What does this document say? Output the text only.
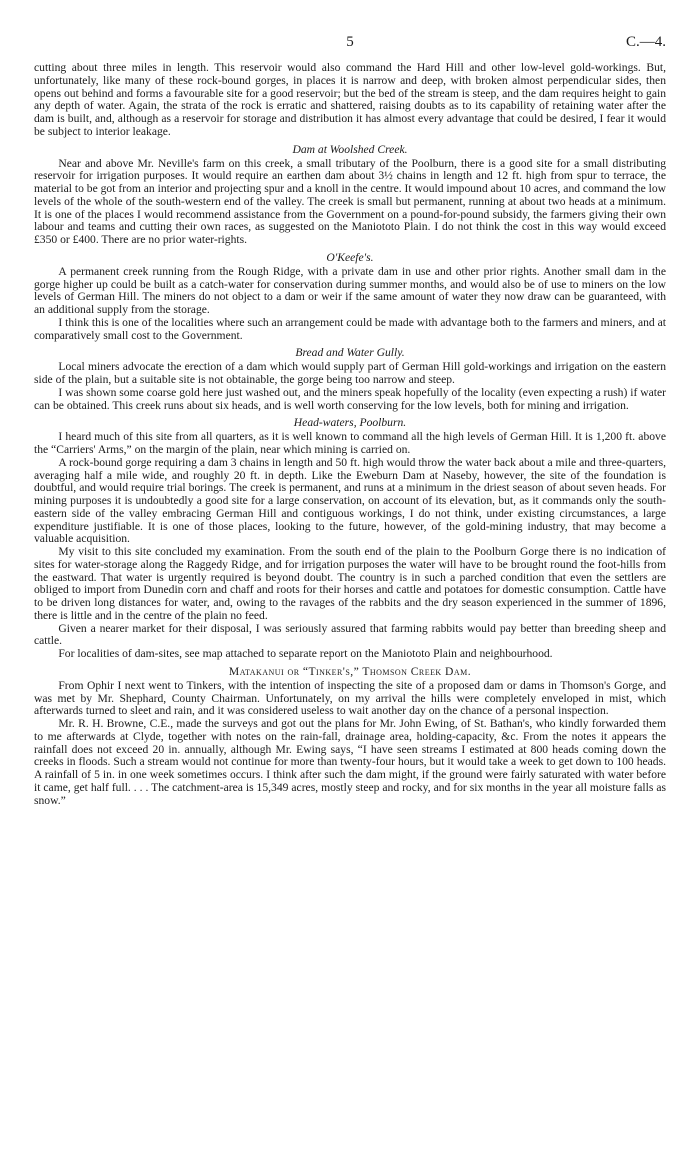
5	C.—4.

cutting about three miles in length. This reservoir would also command the Hard Hill and other low-level gold-workings. But, unfortunately, like many of these rock-bound gorges, in places it is narrow and deep, with broken almost perpendicular sides, then opens out behind and forms a favourable site for a good reservoir; but the bed of the stream is steep, and the dam requires height to gain any depth of water. Again, the strata of the rock is erratic and shattered, raising doubts as to its capability of retaining water after the dam is built, and, although as a reservoir for storage and distribution it has almost every advantage that could be desired, I fear it would be subject to interior leakage.

Dam at Woolshed Creek.

Near and above Mr. Neville's farm on this creek, a small tributary of the Poolburn, there is a good site for a small distributing reservoir for irrigation purposes. It would require an earthen dam about 3½ chains in length and 12 ft. high from spur to terrace, the material to be got from an interior and projecting spur and a knoll in the centre. It would impound about 10 acres, and command the low levels of the whole of the south-western end of the valley. The creek is small but permanent, running at about two heads at a minimum. It is one of the places I would recommend assistance from the Government on a pound-for-pound subsidy, the farmers giving their own labour and teams and cutting their own races, as suggested on the Maniototo Plain. I do not think the cost in this way would exceed £350 or £400. There are no prior water-rights.

O'Keefe's.

A permanent creek running from the Rough Ridge, with a private dam in use and other prior rights. Another small dam in the gorge higher up could be built as a catch-water for conservation during summer months, and would also be of use to miners on the low levels of German Hill. The miners do not object to a dam or weir if the same amount of water they now draw can be guaranteed, with an additional supply from the storage.

I think this is one of the localities where such an arrangement could be made with advantage both to the farmers and miners, and at comparatively small cost to the Government.

Bread and Water Gully.

Local miners advocate the erection of a dam which would supply part of German Hill gold-workings and irrigation on the eastern side of the plain, but a suitable site is not obtainable, the gorge being too narrow and steep.

I was shown some coarse gold here just washed out, and the miners speak hopefully of the locality (even expecting a rush) if water can be obtained. This creek runs about six heads, and is well worth conserving for the low levels, both for mining and irrigation.

Head-waters, Poolburn.

I heard much of this site from all quarters, as it is well known to command all the high levels of German Hill. It is 1,200 ft. above the “Carriers' Arms,” on the margin of the plain, near which mining is carried on.

A rock-bound gorge requiring a dam 3 chains in length and 50 ft. high would throw the water back about a mile and three-quarters, averaging half a mile wide, and roughly 20 ft. in depth. Like the Eweburn Dam at Naseby, however, the site of the foundation is doubtful, and would require trial borings. The creek is permanent, and runs at a minimum in the driest season of about seven heads. For mining purposes it is undoubtedly a good site for a large conservation, on account of its elevation, but, as it commands only the south-eastern side of the valley embracing German Hill and contiguous workings, I do not think, under existing circumstances, a large expenditure justifiable. It is one of those places, looking to the future, however, of the gold-mining industry, that may become a valuable acquisition.

My visit to this site concluded my examination. From the south end of the plain to the Poolburn Gorge there is no indication of sites for water-storage along the Raggedy Ridge, and for irrigation purposes the water will have to be brought round the foot-hills from the eastward. That water is urgently required is beyond doubt. The country is in such a parched condition that even the settlers are obliged to import from Dunedin corn and chaff and roots for their horses and cattle and potatoes for domestic consumption. Cattle have to be driven long distances for water, and, owing to the ravages of the rabbits and the dry season experienced in the summer of 1896, there is little and in the centre of the plain no feed.

Given a nearer market for their disposal, I was seriously assured that farming rabbits would pay better than breeding sheep and cattle.

For localities of dam-sites, see map attached to separate report on the Maniototo Plain and neighbourhood.

Matakanui or “Tinker's,” Thomson Creek Dam.

From Ophir I next went to Tinkers, with the intention of inspecting the site of a proposed dam or dams in Thomson's Gorge, and was met by Mr. Shephard, County Chairman. Unfortunately, on my arrival the hills were completely enveloped in mist, which afterwards turned to sleet and rain, and it was considered useless to wait another day on the chance of a personal inspection.

Mr. R. H. Browne, C.E., made the surveys and got out the plans for Mr. John Ewing, of St. Bathan's, who kindly forwarded them to me afterwards at Clyde, together with notes on the rain-fall, drainage area, holding-capacity, &c. From the notes it appears the rainfall does not exceed 20 in. annually, although Mr. Ewing says, “I have seen streams I estimated at 800 heads coming down the creeks in floods. Such a stream would not continue for more than twenty-four hours, but it would take a week to get down to 100 heads. A rainfall of 5 in. in one week sometimes occurs. I think after such the dam might, if the ground were fairly saturated with water before it came, get half full. . . . The catchment-area is 15,349 acres, mostly steep and rocky, and for six months in the year all moisture falls as snow.”
